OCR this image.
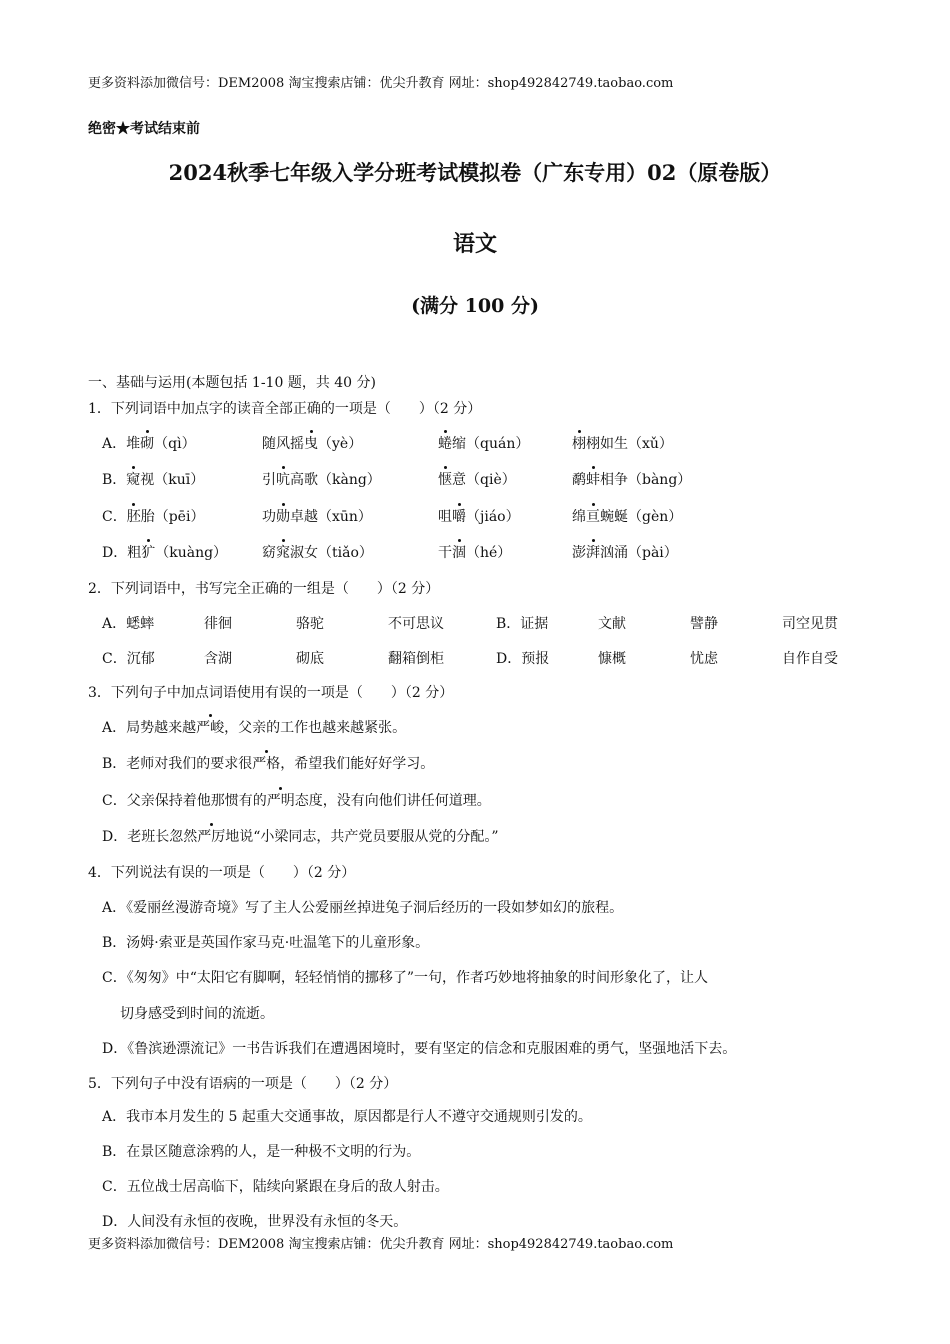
更多资料添加微信号：DEM2008 淘宝搜索店铺：优尖升教育 网址：shop492842749.taobao.com
绝密★考试结束前
2024秋季七年级入学分班考试模拟卷（广东专用）02（原卷版）
语文
(满分 100 分)
一、基础与运用(本题包括 1-10 题，共 40 分)
1．下列词语中加点字的读音全部正确的一项是（　　）（2 分）
A．堆砌（qì）	随风摇曳（yè）	蜷缩（quán）	栩栩如生（xǔ）
B．窥视（kuī）	引吭高歌（kàng）	惬意（qiè）	鹬蚌相争（bàng）
C．胚胎（pēi）	功勋卓越（xūn）	咀嚼（jiáo）	绵亘蜿蜒（gèn）
D．粗犷（kuàng） 窈窕淑女（tiǎo）	干涸（hé）	澎湃汹涌（pài）
2．下列词语中，书写完全正确的一组是（　　）（2 分）
A．蟋蟀	徘徊	骆驼	不可思议	B．证据	文献	譬静	司空见贯
C．沉郁	含湖	砌底	翻箱倒柜	D．预报	慷概	忧虑	自作自受
3．下列句子中加点词语使用有误的一项是（　　）（2 分）
A．局势越来越严峻，父亲的工作也越来越紧张。
B．老师对我们的要求很严格，希望我们能好好学习。
C．父亲保持着他那惯有的严明态度，没有向他们讲任何道理。
D．老班长忽然严厉地说“小梁同志，共产党员要服从党的分配。”
4．下列说法有误的一项是（　　）（2 分）
A．《爱丽丝漫游奇境》写了主人公爱丽丝掉进兔子洞后经历的一段如梦如幻的旅程。
B．汤姆·索亚是英国作家马克·吐温笔下的儿童形象。
C．《匆匆》中“太阳它有脚啊，轻轻悄悄的挪移了”一句，作者巧妙地将抽象的时间形象化了，让人
切身感受到时间的流逝。
D．《鲁滨逊漂流记》一书告诉我们在遭遇困境时，要有坚定的信念和克服困难的勇气，坚强地活下去。
5．下列句子中没有语病的一项是（　　）（2 分）
A．我市本月发生的 5 起重大交通事故，原因都是行人不遵守交通规则引发的。
B．在景区随意涂鸦的人，是一种极不文明的行为。
C．五位战士居高临下，陆续向紧跟在身后的敌人射击。
D．人间没有永恒的夜晚，世界没有永恒的冬天。
更多资料添加微信号：DEM2008 淘宝搜索店铺：优尖升教育 网址：shop492842749.taobao.com
